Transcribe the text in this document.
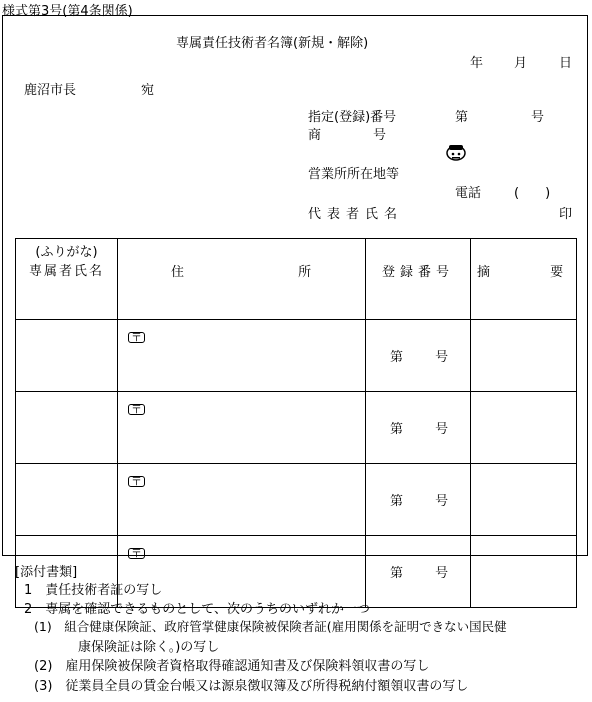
様式第3号(第4条関係)
専属責任技術者名簿(新規・解除)
年 月 日
鹿沼市長	宛
指定(登録)番号	第	号
商　　　　号
営業所所在地等
電話	(　　)
代表者氏名	印
(ふりがな)
専属者氏名	住 所	登録番号	摘 要
	〒	第 号	
	〒	第 号	
	〒	第 号	
	〒	第 号	
[添付書類]
1　責任技術者証の写し
2　専属を確認できるものとして、次のうちのいずれか一つ
(1)　組合健康保険証、政府管掌健康保険被保険者証(雇用関係を証明できない国民健
康保険証は除く。)の写し
(2)　雇用保険被保険者資格取得確認通知書及び保険料領収書の写し
(3)　従業員全員の賃金台帳又は源泉徴収簿及び所得税納付額領収書の写し
